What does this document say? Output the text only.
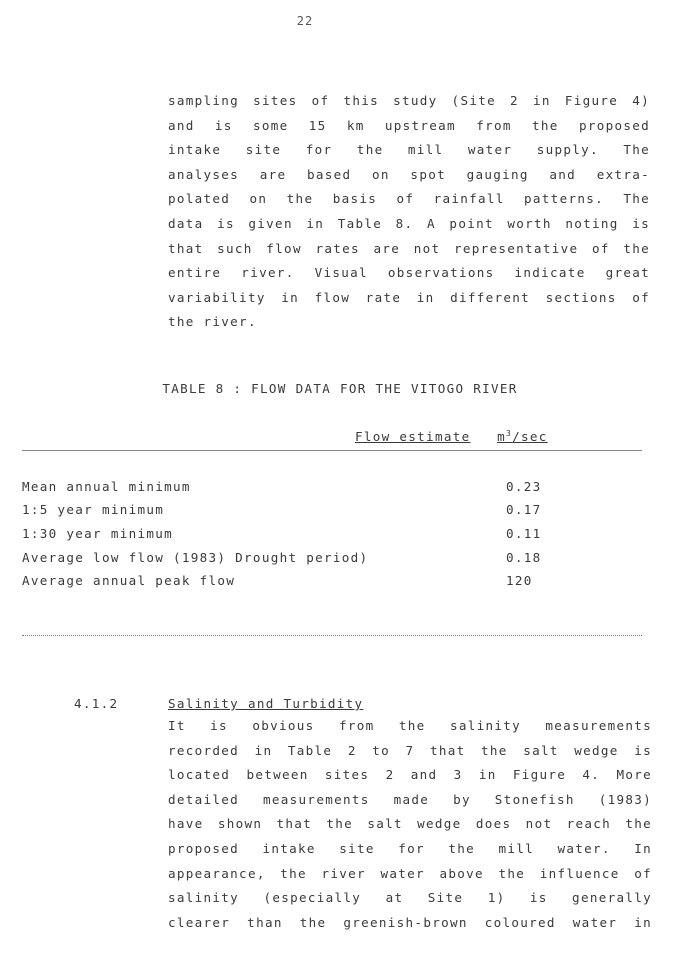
22
sampling sites of this study (Site 2 in Figure 4)
and is some 15 km upstream from the proposed
intake site for the mill water supply. The
analyses are based on spot gauging and extra-
polated on the basis of rainfall patterns. The
data is given in Table 8. A point worth noting is
that such flow rates are not representative of the
entire river. Visual observations indicate great
variability in flow rate in different sections of
the river.
TABLE 8 : FLOW DATA FOR THE VITOGO RIVER
Flow estimate $m^3/\sec$
Mean annual minimum	0.23
1:5 year minimum	0.17
1:30 year minimum	0.11
Average low flow (1983) Drought period)	0.18
Average annual peak flow	120
4.1.2	Salinity and Turbidity
It is obvious from the salinity measurements
recorded in Table 2 to 7 that the salt wedge is
located between sites 2 and 3 in Figure 4. More
detailed measurements made by Stonefish (1983)
have shown that the salt wedge does not reach the
proposed intake site for the mill water. In
appearance, the river water above the influence of
salinity (especially at Site 1) is generally
clearer than the greenish-brown coloured water in
